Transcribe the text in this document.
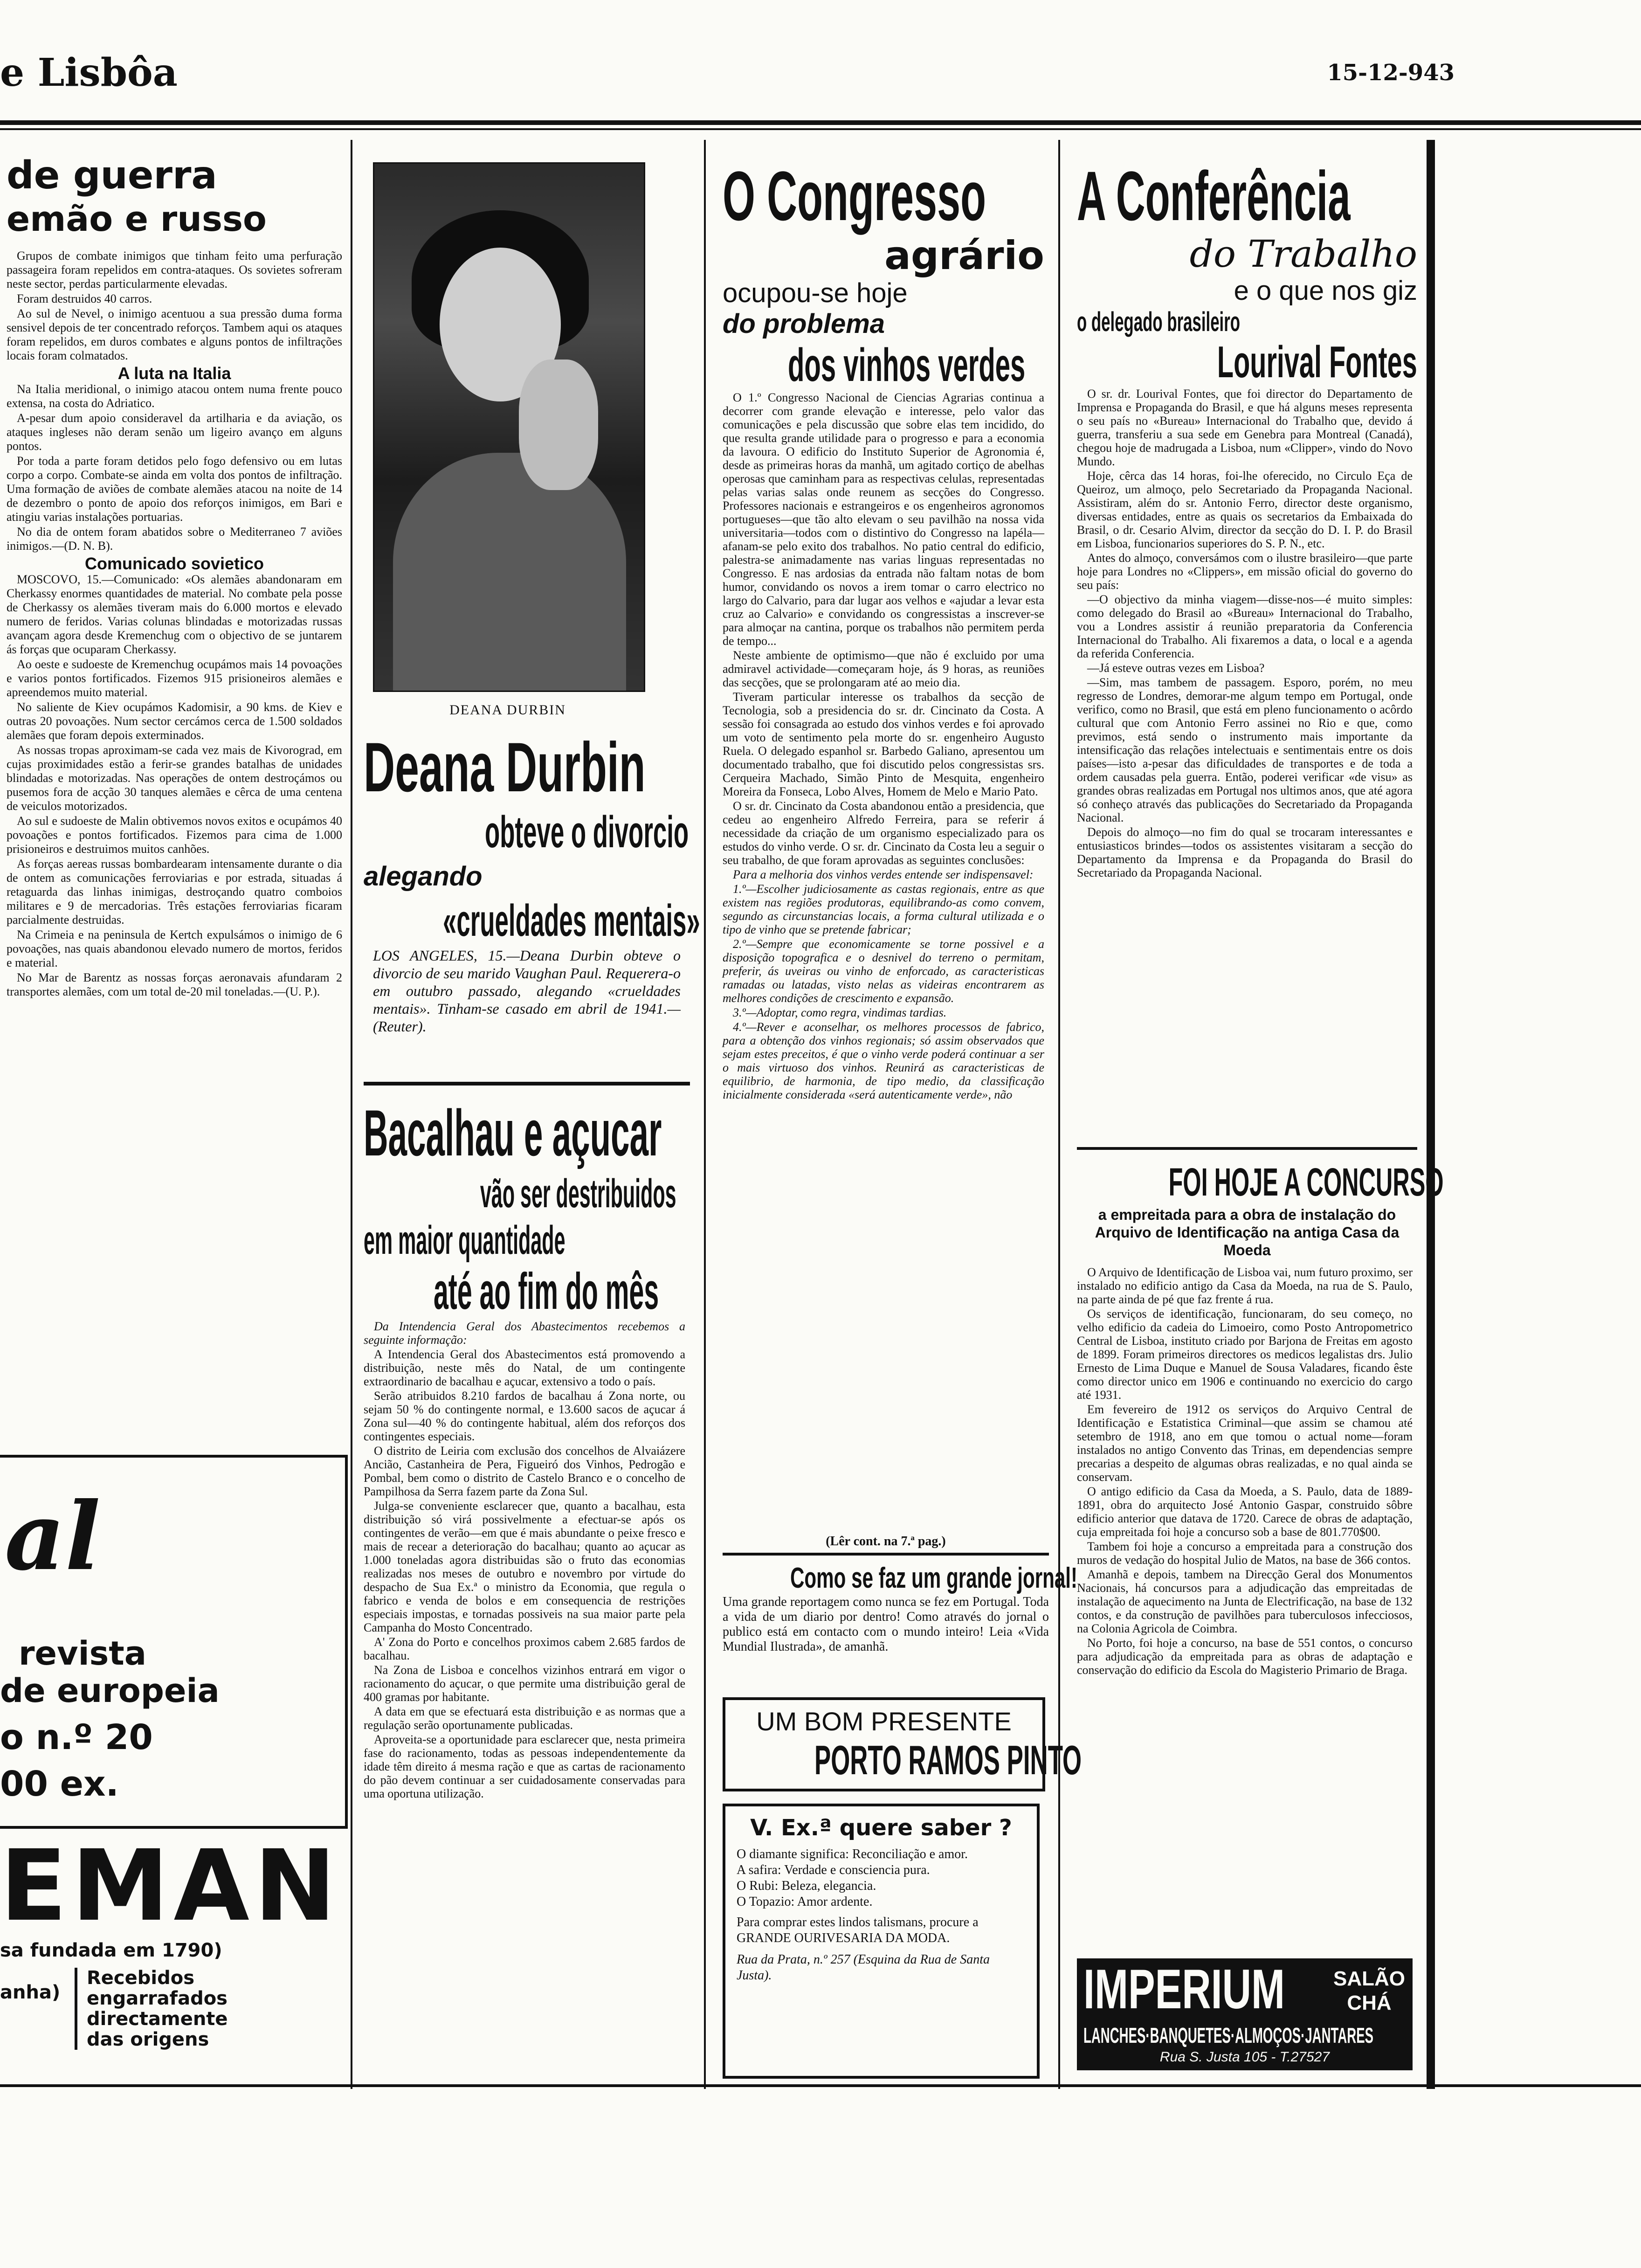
e Lisbôa	15-12-943
de guerra
emão e russo

Grupos de combate inimigos que tinham feito uma perfuração passageira foram repelidos em contra-ataques. Os sovietes sofreram neste sector, perdas particularmente elevadas.

Foram destruidos 40 carros.

Ao sul de Nevel, o inimigo acentuou a sua pressão duma forma sensivel depois de ter concentrado reforços. Tambem aqui os ataques foram repelidos, em duros combates e alguns pontos de infiltrações locais foram colmatados.

A luta na Italia

Na Italia meridional, o inimigo atacou ontem numa frente pouco extensa, na costa do Adriatico.

A-pesar dum apoio consideravel da artilharia e da aviação, os ataques ingleses não deram senão um ligeiro avanço em alguns pontos.

Por toda a parte foram detidos pelo fogo defensivo ou em lutas corpo a corpo. Combate-se ainda em volta dos pontos de infiltração. Uma formação de aviões de combate alemães atacou na noite de 14 de dezembro o ponto de apoio dos reforços inimigos, em Bari e atingiu varias instalações portuarias.

No dia de ontem foram abatidos sobre o Mediterraneo 7 aviões inimigos.—(D. N. B).

Comunicado sovietico

MOSCOVO, 15.—Comunicado: «Os alemães abandonaram em Cherkassy enormes quantidades de material. No combate pela posse de Cherkassy os alemães tiveram mais do 6.000 mortos e elevado numero de feridos. Varias colunas blindadas e motorizadas russas avançam agora desde Kremenchug com o objectivo de se juntarem ás forças que ocuparam Cherkassy.

Ao oeste e sudoeste de Kremenchug ocupámos mais 14 povoações e varios pontos fortificados. Fizemos 915 prisioneiros alemães e apreendemos muito material.

No saliente de Kiev ocupámos Kadomisir, a 90 kms. de Kiev e outras 20 povoações. Num sector cercámos cerca de 1.500 soldados alemães que foram depois exterminados.

As nossas tropas aproximam-se cada vez mais de Kivorograd, em cujas proximidades estão a ferir-se grandes batalhas de unidades blindadas e motorizadas. Nas operações de ontem destroçámos ou pusemos fora de acção 30 tanques alemães e cêrca de uma centena de veiculos motorizados.

Ao sul e sudoeste de Malin obtivemos novos exitos e ocupámos 40 povoações e pontos fortificados. Fizemos para cima de 1.000 prisioneiros e destruimos muitos canhões.

As forças aereas russas bombardearam intensamente durante o dia de ontem as comunicações ferroviarias e por estrada, situadas á retaguarda das linhas inimigas, destroçando quatro comboios militares e 9 de mercadorias. Três estações ferroviarias ficaram parcialmente destruidas.

Na Crimeia e na peninsula de Kertch expulsámos o inimigo de 6 povoações, nas quais abandonou elevado numero de mortos, feridos e material.

No Mar de Barentz as nossas forças aeronavais afundaram 2 transportes alemães, com um total de-20 mil toneladas.—(U. P.).

al
revista
de europeia
o n.º 20
00 ex.
EMAN
sa fundada em 1790)
anha)
Recebidos
engarrafados
directamente
das origens
DEANA DURBIN
Deana Durbin
obteve o divorcio
alegando
«crueldades mentais»
LOS ANGELES, 15.—Deana Durbin obteve o divorcio de seu marido Vaughan Paul. Requerera-o em outubro passado, alegando «crueldades mentais». Tinham-se casado em abril de 1941.—(Reuter).
Bacalhau e açucar
vão ser destribuidos
em maior quantidade
até ao fim do mês

Da Intendencia Geral dos Abastecimentos recebemos a seguinte informação:

A Intendencia Geral dos Abastecimentos está promovendo a distribuição, neste mês do Natal, de um contingente extraordinario de bacalhau e açucar, extensivo a todo o país.

Serão atribuidos 8.210 fardos de bacalhau á Zona norte, ou sejam 50 % do contingente normal, e 13.600 sacos de açucar á Zona sul—40 % do contingente habitual, além dos reforços dos contingentes especiais.

O distrito de Leiria com exclusão dos concelhos de Alvaiázere Ancião, Castanheira de Pera, Figueiró dos Vinhos, Pedrogão e Pombal, bem como o distrito de Castelo Branco e o concelho de Pampilhosa da Serra fazem parte da Zona Sul.

Julga-se conveniente esclarecer que, quanto a bacalhau, esta distribuição só virá possivelmente a efectuar-se após os contingentes de verão—em que é mais abundante o peixe fresco e mais de recear a deterioração do bacalhau; quanto ao açucar as 1.000 toneladas agora distribuidas são o fruto das economias realizadas nos meses de outubro e novembro por virtude do despacho de Sua Ex.ª o ministro da Economia, que regula o fabrico e venda de bolos e em consequencia de restrições especiais impostas, e tornadas possiveis na sua maior parte pela Campanha do Mosto Concentrado.

A' Zona do Porto e concelhos proximos cabem 2.685 fardos de bacalhau.

Na Zona de Lisboa e concelhos vizinhos entrará em vigor o racionamento do açucar, o que permite uma distribuição geral de 400 gramas por habitante.

A data em que se efectuará esta distribuição e as normas que a regulação serão oportunamente publicadas.

Aproveita-se a oportunidade para esclarecer que, nesta primeira fase do racionamento, todas as pessoas independentemente da idade têm direito á mesma ração e que as cartas de racionamento do pão devem continuar a ser cuidadosamente conservadas para uma oportuna utilização.

O Congresso
agrário
ocupou-se hoje
do problema
dos vinhos verdes

O 1.º Congresso Nacional de Ciencias Agrarias continua a decorrer com grande elevação e interesse, pelo valor das comunicações e pela discussão que sobre elas tem incidido, do que resulta grande utilidade para o progresso e para a economia da lavoura. O edificio do Instituto Superior de Agronomia é, desde as primeiras horas da manhã, um agitado cortiço de abelhas operosas que caminham para as respectivas celulas, representadas pelas varias salas onde reunem as secções do Congresso. Professores nacionais e estrangeiros e os engenheiros agronomos portugueses—que tão alto elevam o seu pavilhão na nossa vida universitaria—todos com o distintivo do Congresso na lapéla—afanam-se pelo exito dos trabalhos. No patio central do edificio, palestra-se animadamente nas varias linguas representadas no Congresso. E nas ardosias da entrada não faltam notas de bom humor, convidando os novos a irem tomar o carro electrico no largo do Calvario, para dar lugar aos velhos e «ajudar a levar esta cruz ao Calvario» e convidando os congressistas a inscrever-se para almoçar na cantina, porque os trabalhos não permitem perda de tempo...

Neste ambiente de optimismo—que não é excluido por uma admiravel actividade—começaram hoje, ás 9 horas, as reuniões das secções, que se prolongaram até ao meio dia.

Tiveram particular interesse os trabalhos da secção de Tecnologia, sob a presidencia do sr. dr. Cincinato da Costa. A sessão foi consagrada ao estudo dos vinhos verdes e foi aprovado um voto de sentimento pela morte do sr. engenheiro Augusto Ruela. O delegado espanhol sr. Barbedo Galiano, apresentou um documentado trabalho, que foi discutido pelos congressistas srs. Cerqueira Machado, Simão Pinto de Mesquita, engenheiro Moreira da Fonseca, Lobo Alves, Homem de Melo e Mario Pato.

O sr. dr. Cincinato da Costa abandonou então a presidencia, que cedeu ao engenheiro Alfredo Ferreira, para se referir á necessidade da criação de um organismo especializado para os estudos do vinho verde. O sr. dr. Cincinato da Costa leu a seguir o seu trabalho, de que foram aprovadas as seguintes conclusões:

Para a melhoria dos vinhos verdes entende ser indispensavel:

1.º—Escolher judiciosamente as castas regionais, entre as que existem nas regiões produtoras, equilibrando-as como convem, segundo as circunstancias locais, a forma cultural utilizada e o tipo de vinho que se pretende fabricar;

2.º—Sempre que economicamente se torne possivel e a disposição topografica e o desnivel do terreno o permitam, preferir, ás uveiras ou vinho de enforcado, as caracteristicas ramadas ou latadas, visto nelas as videiras encontrarem as melhores condições de crescimento e expansão.

3.º—Adoptar, como regra, vindimas tardias.

4.º—Rever e aconselhar, os melhores processos de fabrico, para a obtenção dos vinhos regionais; só assim observados que sejam estes preceitos, é que o vinho verde poderá continuar a ser o mais virtuoso dos vinhos. Reunirá as caracteristicas de equilibrio, de harmonia, de tipo medio, da classificação inicialmente considerada «será autenticamente verde», não

(Lêr cont. na 7.ª pag.)
Como se faz um grande jornal!
Uma grande reportagem como nunca se fez em Portugal. Toda a vida de um diario por dentro! Como através do jornal o publico está em contacto com o mundo inteiro! Leia «Vida Mundial Ilustrada», de amanhã.
UM BOM PRESENTE
PORTO RAMOS PINTO
V. Ex.ª quere saber ?
O diamante significa: Reconciliação e amor.
A safira: Verdade e consciencia pura.
O Rubi: Beleza, elegancia.
O Topazio: Amor ardente.
Para comprar estes lindos talismans, procure a GRANDE OURIVESARIA DA MODA.
Rua da Prata, n.º 257 (Esquina da Rua de Santa Justa).
A Conferência
do Trabalho
e o que nos giz
o delegado brasileiro
Lourival Fontes

O sr. dr. Lourival Fontes, que foi director do Departamento de Imprensa e Propaganda do Brasil, e que há alguns meses representa o seu país no «Bureau» Internacional do Trabalho que, devido á guerra, transferiu a sua sede em Genebra para Montreal (Canadá), chegou hoje de madrugada a Lisboa, num «Clipper», vindo do Novo Mundo.

Hoje, cêrca das 14 horas, foi-lhe oferecido, no Circulo Eça de Queiroz, um almoço, pelo Secretariado da Propaganda Nacional. Assistiram, além do sr. Antonio Ferro, director deste organismo, diversas entidades, entre as quais os secretarios da Embaixada do Brasil, o dr. Cesario Alvim, director da secção do D. I. P. do Brasil em Lisboa, funcionarios superiores do S. P. N., etc.

Antes do almoço, conversámos com o ilustre brasileiro—que parte hoje para Londres no «Clippers», em missão oficial do governo do seu país:

—O objectivo da minha viagem—disse-nos—é muito simples: como delegado do Brasil ao «Bureau» Internacional do Trabalho, vou a Londres assistir á reunião preparatoria da Conferencia Internacional do Trabalho. Ali fixaremos a data, o local e a agenda da referida Conferencia.

—Já esteve outras vezes em Lisboa?

—Sim, mas tambem de passagem. Esporo, porém, no meu regresso de Londres, demorar-me algum tempo em Portugal, onde verifico, como no Brasil, que está em pleno funcionamento o acôrdo cultural que com Antonio Ferro assinei no Rio e que, como previmos, está sendo o instrumento mais importante da intensificação das relações intelectuais e sentimentais entre os dois países—isto a-pesar das dificuldades de transportes e de toda a ordem causadas pela guerra. Então, poderei verificar «de visu» as grandes obras realizadas em Portugal nos ultimos anos, que até agora só conheço através das publicações do Secretariado da Propaganda Nacional.

Depois do almoço—no fim do qual se trocaram interessantes e entusiasticos brindes—todos os assistentes visitaram a secção do Departamento da Imprensa e da Propaganda do Brasil do Secretariado da Propaganda Nacional.

FOI HOJE A CONCURSO
a empreitada para a obra de instalação do Arquivo de Identificação na antiga Casa da Moeda

O Arquivo de Identificação de Lisboa vai, num futuro proximo, ser instalado no edificio antigo da Casa da Moeda, na rua de S. Paulo, na parte ainda de pé que faz frente á rua.

Os serviços de identificação, funcionaram, do seu começo, no velho edificio da cadeia do Limoeiro, como Posto Antropometrico Central de Lisboa, instituto criado por Barjona de Freitas em agosto de 1899. Foram primeiros directores os medicos legalistas drs. Julio Ernesto de Lima Duque e Manuel de Sousa Valadares, ficando êste como director unico em 1906 e continuando no exercicio do cargo até 1931.

Em fevereiro de 1912 os serviços do Arquivo Central de Identificação e Estatistica Criminal—que assim se chamou até setembro de 1918, ano em que tomou o actual nome—foram instalados no antigo Convento das Trinas, em dependencias sempre precarias a despeito de algumas obras realizadas, e no qual ainda se conservam.

O antigo edificio da Casa da Moeda, a S. Paulo, data de 1889-1891, obra do arquitecto José Antonio Gaspar, construido sôbre edificio anterior que datava de 1720. Carece de obras de adaptação, cuja empreitada foi hoje a concurso sob a base de 801.770$00.

Tambem foi hoje a concurso a empreitada para a construção dos muros de vedação do hospital Julio de Matos, na base de 366 contos.

Amanhã e depois, tambem na Direcção Geral dos Monumentos Nacionais, há concursos para a adjudicação das empreitadas de instalação de aquecimento na Junta de Electrificação, na base de 132 contos, e da construção de pavilhões para tuberculosos infecciosos, na Colonia Agricola de Coimbra.

No Porto, foi hoje a concurso, na base de 551 contos, o concurso para adjudicação da empreitada para as obras de adaptação e conservação do edificio da Escola do Magisterio Primario de Braga.

IMPERIUM	SALÃO
CHÁ
LANCHES·BANQUETES·ALMOÇOS·JANTARES
Rua S. Justa 105 - T.27527
